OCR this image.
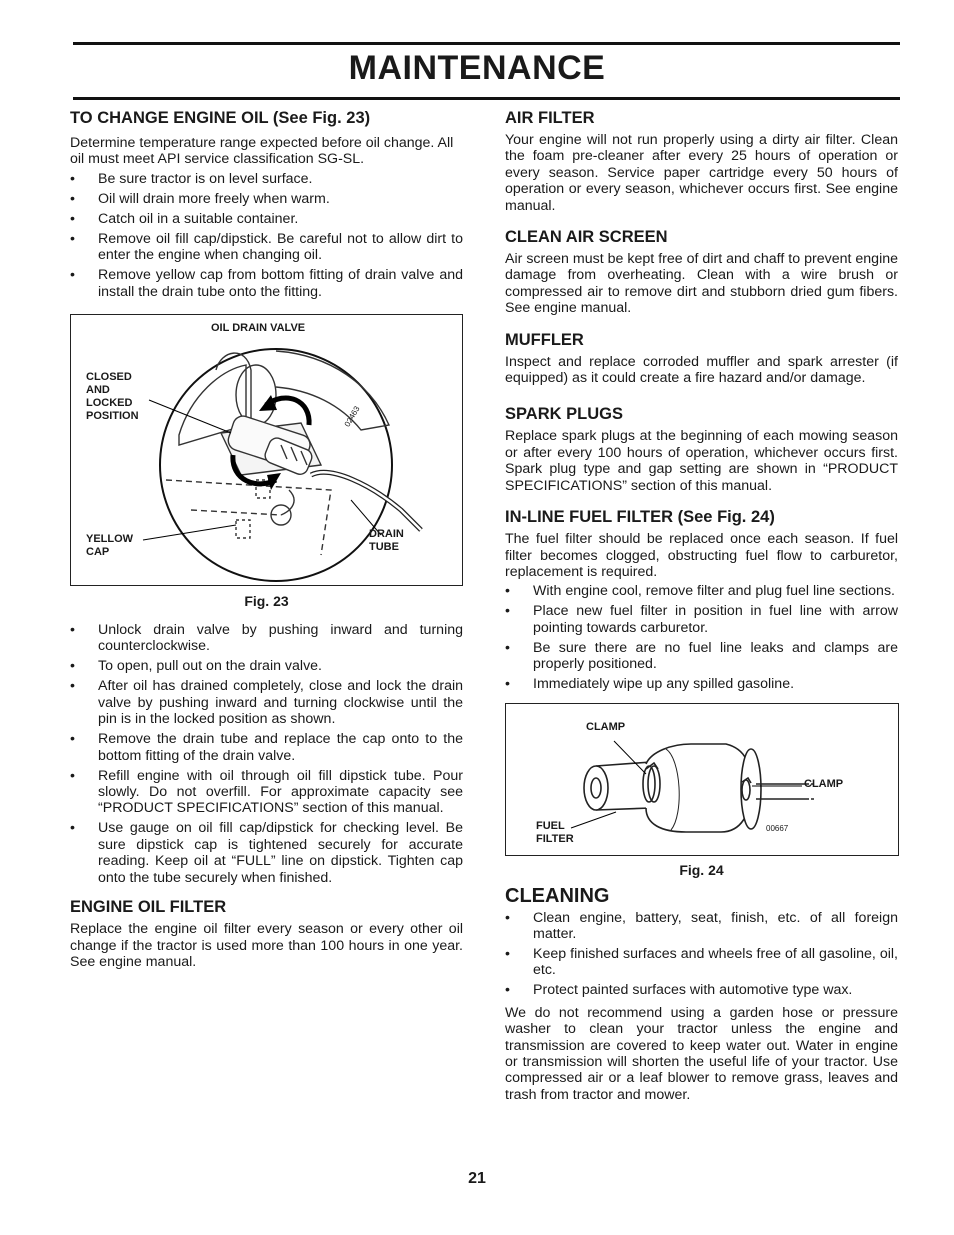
MAINTENANCE
TO CHANGE ENGINE OIL (See Fig. 23)

Determine temperature range expected before oil change. All oil must meet API service classification SG-SL.

• Be sure tractor is on level surface.
• Oil will drain more freely when warm.
• Catch oil in a suitable container.
• Remove oil fill cap/dipstick. Be careful not to allow dirt to enter the engine when changing oil.
• Remove yellow cap from bottom fitting of drain valve and install the drain tube onto the fitting.
OIL DRAIN VALVE
CLOSED AND LOCKED POSITION
YELLOW CAP
DRAIN TUBE
02463
Fig. 23
• Unlock drain valve by pushing inward and turning counterclockwise.
• To open, pull out on the drain valve.
• After oil has drained completely, close and lock the drain valve by pushing inward and turning clockwise until the pin is in the locked position as shown.
• Remove the drain tube and replace the cap onto to the bottom fitting of the drain valve.
• Refill engine with oil through oil fill dipstick tube. Pour slowly. Do not overfill. For approximate capacity see “PRODUCT SPECIFICATIONS” section of this manual.
• Use gauge on oil fill cap/dipstick for checking level. Be sure dipstick cap is tightened securely for accurate reading. Keep oil at “FULL” line on dipstick. Tighten cap onto the tube securely when finished.
ENGINE OIL FILTER

Replace the engine oil filter every season or every other oil change if the tractor is used more than 100 hours in one year. See engine manual.

AIR FILTER

Your engine will not run properly using a dirty air filter. Clean the foam pre-cleaner after every 25 hours of operation or every season. Service paper cartridge every 50 hours of operation or every season, whichever occurs first. See engine manual.

CLEAN AIR SCREEN

Air screen must be kept free of dirt and chaff to prevent engine damage from overheating. Clean with a wire brush or compressed air to remove dirt and stubborn dried gum fibers. See engine manual.

MUFFLER

Inspect and replace corroded muffler and spark arrester (if equipped) as it could create a fire hazard and/or damage.

SPARK PLUGS

Replace spark plugs at the beginning of each mowing season or after every 100 hours of operation, whichever occurs first. Spark plug type and gap setting are shown in “PRODUCT SPECIFICATIONS” section of this manual.

IN-LINE FUEL FILTER (See Fig. 24)

The fuel filter should be replaced once each season. If fuel filter becomes clogged, obstructing fuel flow to carburetor, replacement is required.

• With engine cool, remove filter and plug fuel line sections.
• Place new fuel filter in position in fuel line with arrow pointing towards carburetor.
• Be sure there are no fuel line leaks and clamps are properly positioned.
• Immediately wipe up any spilled gasoline.
CLAMP
CLAMP
FUEL FILTER
00667
Fig. 24
CLEANING
• Clean engine, battery, seat, finish, etc. of all foreign matter.
• Keep finished surfaces and wheels free of all gasoline, oil, etc.
• Protect painted surfaces with automotive type wax.

We do not recommend using a garden hose or pressure washer to clean your tractor unless the engine and transmission are covered to keep water out. Water in engine or transmission will shorten the useful life of your tractor. Use compressed air or a leaf blower to remove grass, leaves and trash from tractor and mower.

21
